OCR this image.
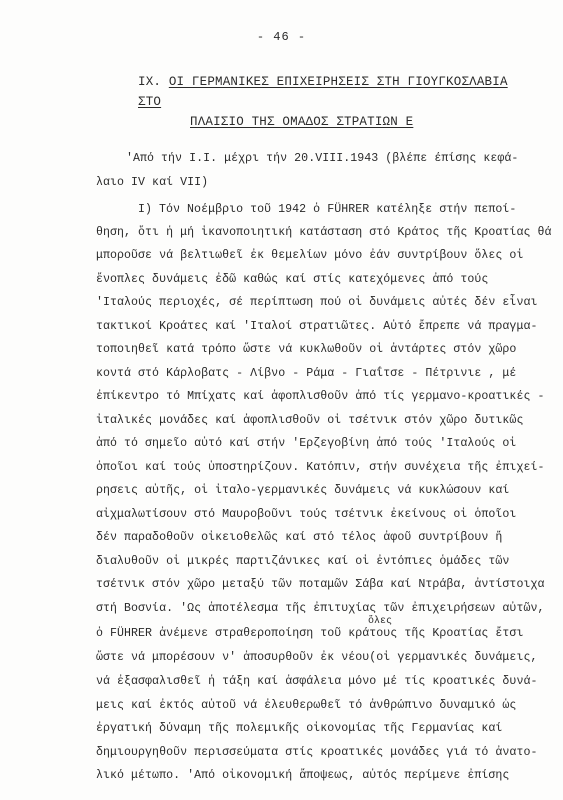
- 46 -
IX. ΟΙ ΓΕΡΜΑΝΙΚΕΣ ΕΠΙΧΕΙΡΗΣΕΙΣ ΣΤΗ ΓΙΟΥΓΚΟΣΛΑΒΙΑ ΣΤΟ
ΠΛΑΙΣΙΟ ΤΗΣ ΟΜΑΔΟΣ ΣΤΡΑΤΙΩΝ Ε
'Από τήν Ι.Ι. μέχρι τήν 20.VIII.1943 (βλέπε έπίσης κεφά-
λαιο IV καί VII)
I) Τόν Νοέμβριο τοῦ 1942 ὁ FÜHRER κατέληξε στήν πεποί-
θηση, ὅτι ἡ μή ἱκανοποιητική κατάσταση στό Κράτος τῆς Κροατίας θά
μποροῦσε νά βελτιωθεῖ ἐκ θεμελίων μόνο ἐάν συντρίβουν ὅλες οἱ
ἔνοπλες δυνάμεις ἐδῶ καθώς καί στίς κατεχόμενες ἀπό τούς
'Ιταλούς περιοχές, σέ περίπτωση πού οἱ δυνάμεις αὐτές δέν εἶναι
τακτικοί Κροάτες καί 'Ιταλοί στρατιῶτες. Αὐτό ἔπρεπε νά πραγμα-
τοποιηθεῖ κατά τρόπο ὥστε νά κυκλωθοῦν οἱ ἀντάρτες στόν χῶρο
κοντά στό Κάρλοβατς - Λίβνο - Ράμα - Γιαΐτσε - Πέτρινιε , μέ
ἐπίκεντρο τό Μπίχατς καί ἀφοπλισθοῦν ἀπό τίς γερμανο-κροατικές -
ἰταλικές μονάδες καί ἀφοπλισθοῦν οἱ τσέτνικ στόν χῶρο δυτικῶς
ἀπό τό σημεῖο αὐτό καί στήν 'Ερζεγοβίνη ἀπό τούς 'Ιταλούς οἱ
ὁποῖοι καί τούς ὑποστηρίζουν. Κατόπιν, στήν συνέχεια τῆς ἐπιχεί-
ρησεις αὐτῆς, οἱ ἰταλο-γερμανικές δυνάμεις νά κυκλώσουν καί
αἰχμαλωτίσουν στό Μαυροβοῦνι τούς τσέτνικ ἐκείνους οἱ ὁποῖοι
δέν παραδοθοῦν οἰκειοθελῶς καί στό τέλος ἀφοῦ συντρίβουν ἤ
διαλυθοῦν οἱ μικρές παρτιζάνικες καί οἱ ἐντόπιες ὁμάδες τῶν
τσέτνικ στόν χῶρο μεταξύ τῶν ποταμῶν Σάβα καί Ντράβα, ἀντίστοιχα
στή Βοσνία. 'Ως ἀποτέλεσμα τῆς ἐπιτυχίας τῶν ἐπιχειρήσεων αὐτῶν,
ὅλες
ὁ FÜHRER ἀνέμενε στραθεροποίηση τοῦ κράτους τῆς Κροατίας ἔτσι
ὥστε νά μπορέσουν ν' ἀποσυρθοῦν ἐκ νέου(οἱ γερμανικές δυνάμεις,
νά ἐξασφαλισθεῖ ἡ τάξη καί ἀσφάλεια μόνο μέ τίς κροατικές δυνά-
μεις καί ἐκτός αὐτοῦ νά ἐλευθερωθεῖ τό ἀνθρώπινο δυναμικό ὡς
ἐργατική δύναμη τῆς πολεμικῆς οἰκονομίας τῆς Γερμανίας καί
δημιουργηθοῦν περισσεύματα στίς κροατικές μονάδες γιά τό ἀνατο-
λικό μέτωπο. 'Από οἰκονομική ἄποψεως, αὐτός περίμενε ἐπίσης
